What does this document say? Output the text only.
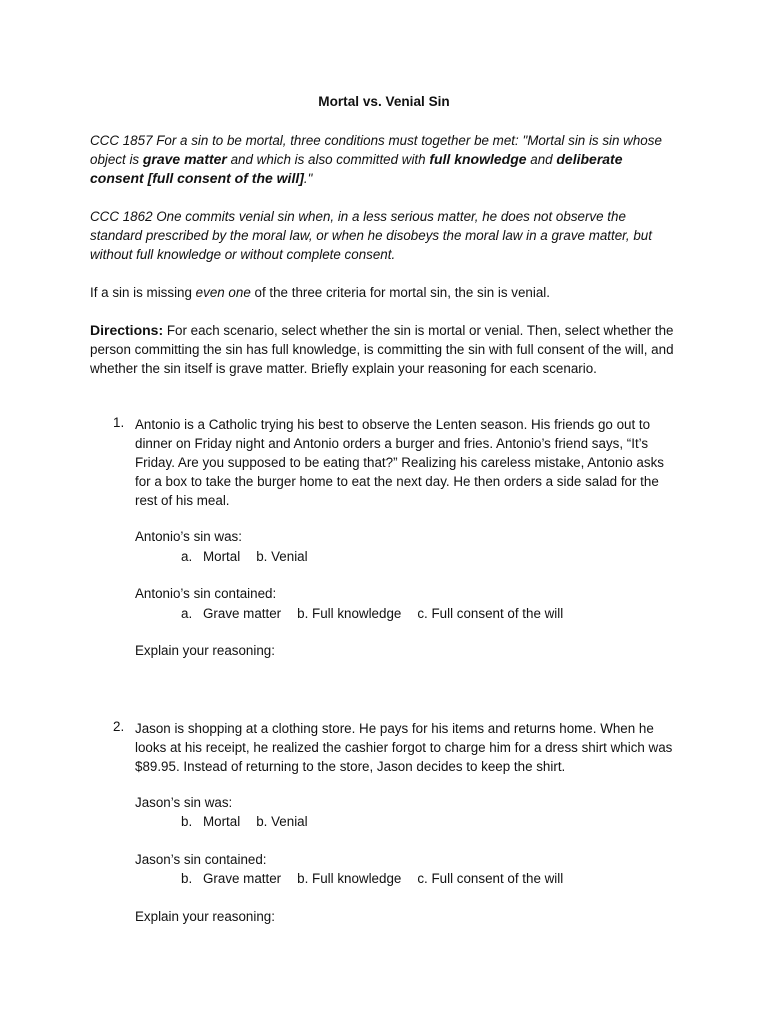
Mortal vs. Venial Sin
CCC 1857 For a sin to be mortal, three conditions must together be met: "Mortal sin is sin whose object is grave matter and which is also committed with full knowledge and deliberate consent [full consent of the will]."
CCC 1862 One commits venial sin when, in a less serious matter, he does not observe the standard prescribed by the moral law, or when he disobeys the moral law in a grave matter, but without full knowledge or without complete consent.
If a sin is missing even one of the three criteria for mortal sin, the sin is venial.
Directions: For each scenario, select whether the sin is mortal or venial. Then, select whether the person committing the sin has full knowledge, is committing the sin with full consent of the will, and whether the sin itself is grave matter. Briefly explain your reasoning for each scenario.
1. Antonio is a Catholic trying his best to observe the Lenten season. His friends go out to dinner on Friday night and Antonio orders a burger and fries. Antonio’s friend says, “It’s Friday. Are you supposed to be eating that?” Realizing his careless mistake, Antonio asks for a box to take the burger home to eat the next day. He then orders a side salad for the rest of his meal.
Antonio’s sin was:
a. Mortal b. Venial
Antonio’s sin contained:
a. Grave matter b. Full knowledge c. Full consent of the will
Explain your reasoning:
2. Jason is shopping at a clothing store. He pays for his items and returns home. When he looks at his receipt, he realized the cashier forgot to charge him for a dress shirt which was $89.95. Instead of returning to the store, Jason decides to keep the shirt.
Jason’s sin was:
b. Mortal b. Venial
Jason’s sin contained:
b. Grave matter b. Full knowledge c. Full consent of the will
Explain your reasoning:
